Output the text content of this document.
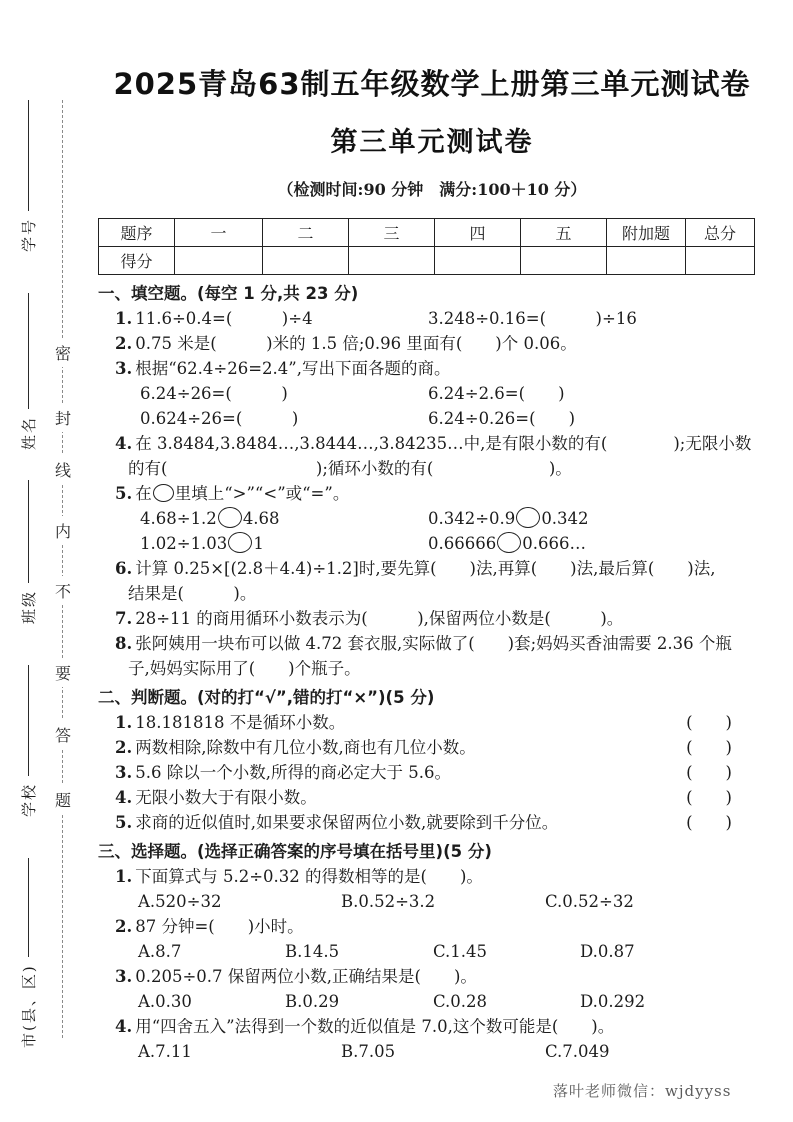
学号
姓名
班级
学校
市(县、区)
密
封
线
内
不
要
答
题
2025青岛63制五年级数学上册第三单元测试卷
第三单元测试卷
（检测时间:90 分钟　满分:100＋10 分）
题序	一	二	三	四	五	附加题	总分
得分							
一、填空题。(每空 1 分,共 23 分)
1. 11.6÷0.4=(　　　)÷4	3.248÷0.16=(　　　)÷16
2. 0.75 米是(　　　)米的 1.5 倍;0.96 里面有(　　)个 0.06。
3. 根据“62.4÷26=2.4”,写出下面各题的商。
6.24÷26=(　　　)	6.24÷2.6=(　　)
0.624÷26=(　　　)	6.24÷0.26=(　　)
4. 在 3.8484,3.8484…,3.8444…,3.84235…中,是有限小数的有(　　　　);无限小数
的有(　　　　　　　　　);循环小数的有(　　　　　　　)。
5. 在 里填上“>”“<”或“=”。
4.68÷1.2 4.68	0.342÷0.9 0.342
1.02÷1.03 1	0.66666 0.666…
6. 计算 0.25×[(2.8＋4.4)÷1.2]时,要先算(　　)法,再算(　　)法,最后算(　　)法,
结果是(　　　)。
7. 28÷11 的商用循环小数表示为(　　　),保留两位小数是(　　　)。
8. 张阿姨用一块布可以做 4.72 套衣服,实际做了(　　)套;妈妈买香油需要 2.36 个瓶
子,妈妈实际用了(　　)个瓶子。
二、判断题。(对的打“√”,错的打“×”)(5 分)
1. 18.181818 不是循环小数。	(　　)
2. 两数相除,除数中有几位小数,商也有几位小数。	(　　)
3. 5.6 除以一个小数,所得的商必定大于 5.6。	(　　)
4. 无限小数大于有限小数。	(　　)
5. 求商的近似值时,如果要求保留两位小数,就要除到千分位。	(　　)
三、选择题。(选择正确答案的序号填在括号里)(5 分)
1. 下面算式与 5.2÷0.32 的得数相等的是(　　)。
A.520÷32	B.0.52÷3.2	C.0.52÷32
2. 87 分钟=(　　)小时。
A.8.7	B.14.5	C.1.45	D.0.87
3. 0.205÷0.7 保留两位小数,正确结果是(　　)。
A.0.30	B.0.29	C.0.28	D.0.292
4. 用“四舍五入”法得到一个数的近似值是 7.0,这个数可能是(　　)。
A.7.11	B.7.05	C.7.049
落叶老师微信：wjdyyss
